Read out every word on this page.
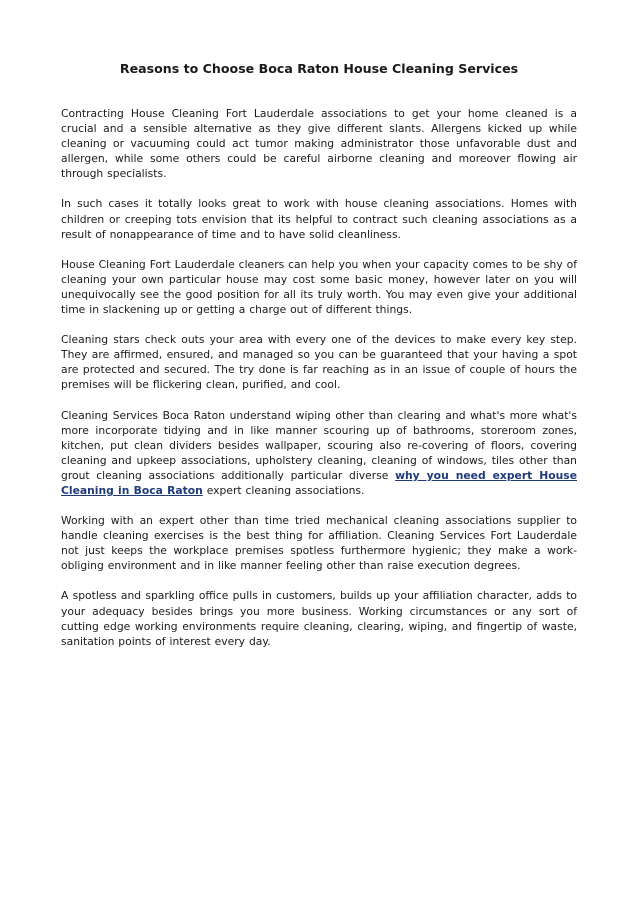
Reasons to Choose Boca Raton House Cleaning Services

Contracting House Cleaning Fort Lauderdale associations to get your home cleaned is a crucial and a sensible alternative as they give different slants. Allergens kicked up while cleaning or vacuuming could act tumor making administrator those unfavorable dust and allergen, while some others could be careful airborne cleaning and moreover flowing air through specialists.

In such cases it totally looks great to work with house cleaning associations. Homes with children or creeping tots envision that its helpful to contract such cleaning associations as a result of nonappearance of time and to have solid cleanliness.

House Cleaning Fort Lauderdale cleaners can help you when your capacity comes to be shy of cleaning your own particular house may cost some basic money, however later on you will unequivocally see the good position for all its truly worth. You may even give your additional time in slackening up or getting a charge out of different things.

Cleaning stars check outs your area with every one of the devices to make every key step. They are affirmed, ensured, and managed so you can be guaranteed that your having a spot are protected and secured. The try done is far reaching as in an issue of couple of hours the premises will be flickering clean, purified, and cool.

Cleaning Services Boca Raton understand wiping other than clearing and what's more what's more incorporate tidying and in like manner scouring up of bathrooms, storeroom zones, kitchen, put clean dividers besides wallpaper, scouring also re-covering of floors, covering cleaning and upkeep associations, upholstery cleaning, cleaning of windows, tiles other than grout cleaning associations additionally particular diverse why you need expert House Cleaning in Boca Raton expert cleaning associations.

Working with an expert other than time tried mechanical cleaning associations supplier to handle cleaning exercises is the best thing for affiliation. Cleaning Services Fort Lauderdale not just keeps the workplace premises spotless furthermore hygienic; they make a work-obliging environment and in like manner feeling other than raise execution degrees.

A spotless and sparkling office pulls in customers, builds up your affiliation character, adds to your adequacy besides brings you more business. Working circumstances or any sort of cutting edge working environments require cleaning, clearing, wiping, and fingertip of waste, sanitation points of interest every day.
